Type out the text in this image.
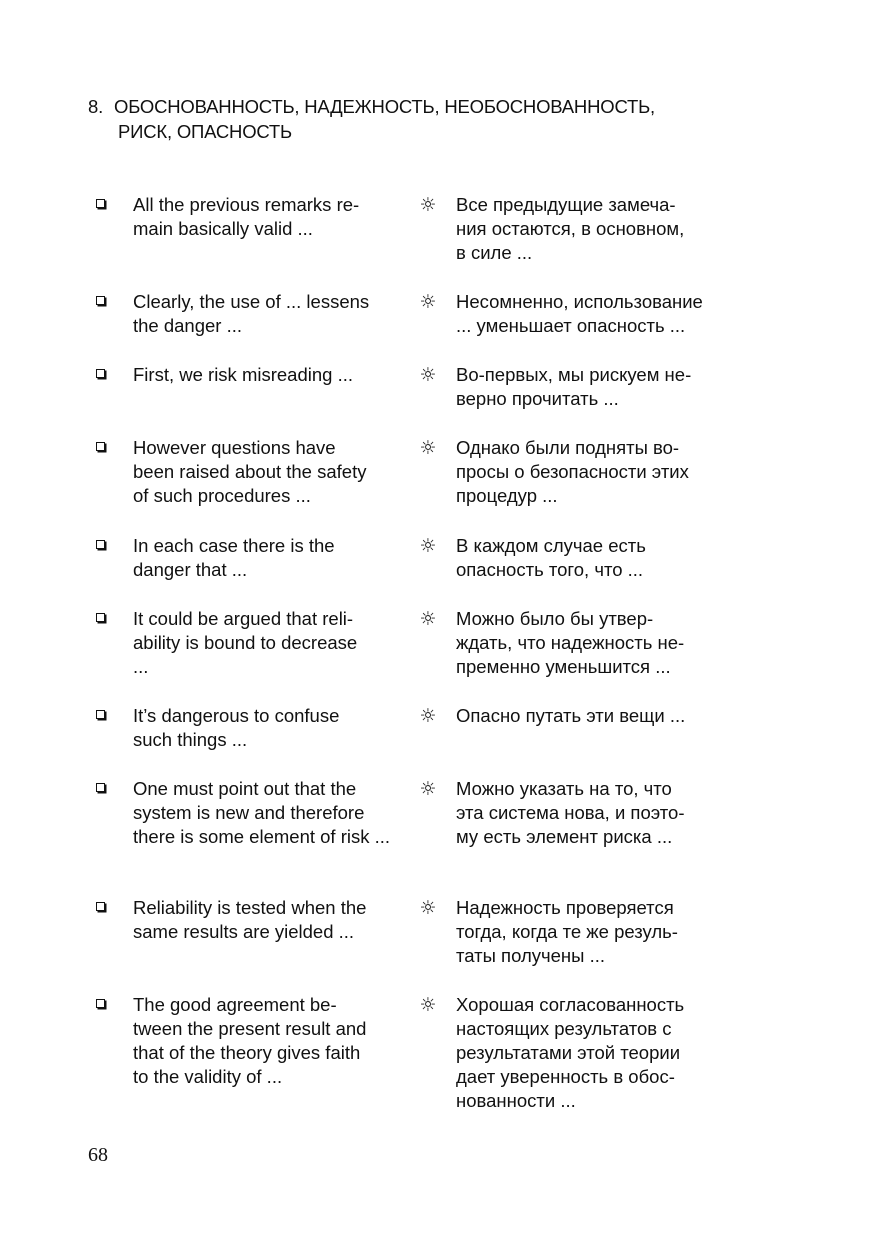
8. ОБОСНОВАННОСТЬ, НАДЕЖНОСТЬ, НЕОБОСНОВАННОСТЬ,
РИСК, ОПАСНОСТЬ
All the previous remarks re-
main basically valid ...
☼ Все предыдущие замеча-
ния остаются, в основном,
в силе ...
Clearly, the use of ... lessens
the danger ...
☼ Несомненно, использование
... уменьшает опасность ...
First, we risk misreading ...	☼ Во-первых, мы рискуем не-
верно прочитать ...
However questions have
been raised about the safety
of such procedures ...
☼ Однако были подняты во-
просы о безопасности этих
процедур ...
In each case there is the
danger that ...
☼ В каждом случае есть
опасность того, что ...
It could be argued that reli-
ability is bound to decrease
...
☼ Можно было бы утвер-
ждать, что надежность не-
пременно уменьшится ...
It’s dangerous to confuse
such things ...
☼ Опасно путать эти вещи ...
One must point out that the
system is new and therefore
there is some element of risk ...
☼ Можно указать на то, что
эта система нова, и поэто-
му есть элемент риска ...
Reliability is tested when the
same results are yielded ...
☼ Надежность проверяется
тогда, когда те же резуль-
таты получены ...
The good agreement be-
tween the present result and
that of the theory gives faith
to the validity of ...
☼ Хорошая согласованность
настоящих результатов с
результатами этой теории
дает уверенность в обос-
нованности ...
68
